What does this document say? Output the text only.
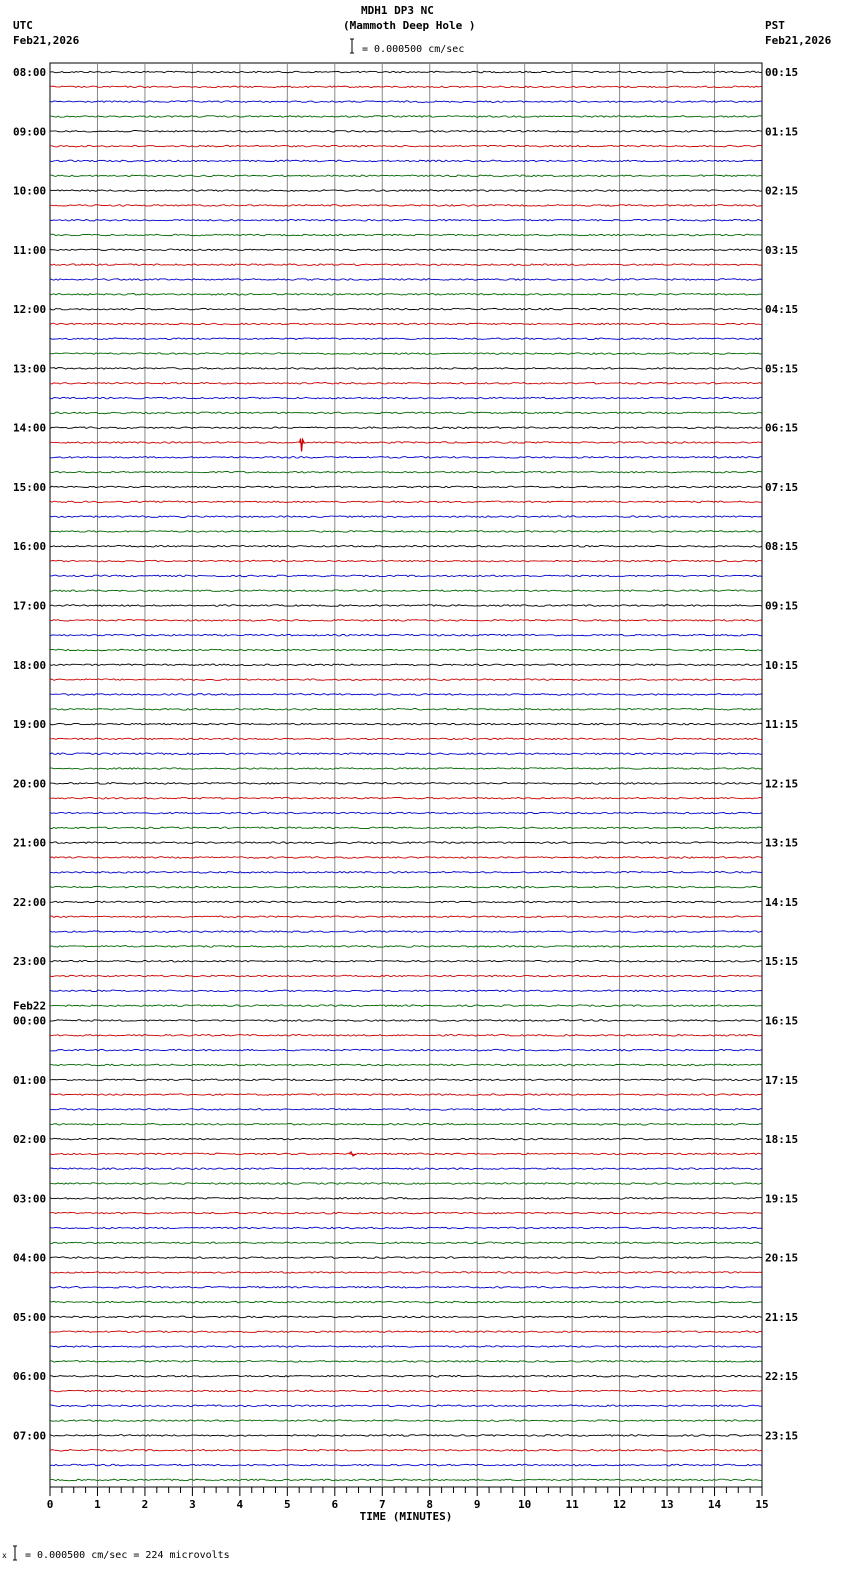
MDH1 DP3 NC
(Mammoth Deep Hole )
= 0.000500 cm/sec
UTC
Feb21,2026
PST
Feb21,2026
x = 0.000500 cm/sec = 224 microvolts
08:00
09:00
10:00
11:00
12:00
13:00
14:00
15:00
16:00
17:00
18:00
19:00
20:00
21:00
22:00
23:00
00:00
01:00
02:00
03:00
04:00
05:00
06:00
07:00
00:15
01:15
02:15
03:15
04:15
05:15
06:15
07:15
08:15
09:15
10:15
11:15
12:15
13:15
14:15
15:15
16:15
17:15
18:15
19:15
20:15
21:15
22:15
23:15
Feb22
0	1	2	3	4	5	6	7	8	9	10	11	12	13	14	15
TIME (MINUTES)
